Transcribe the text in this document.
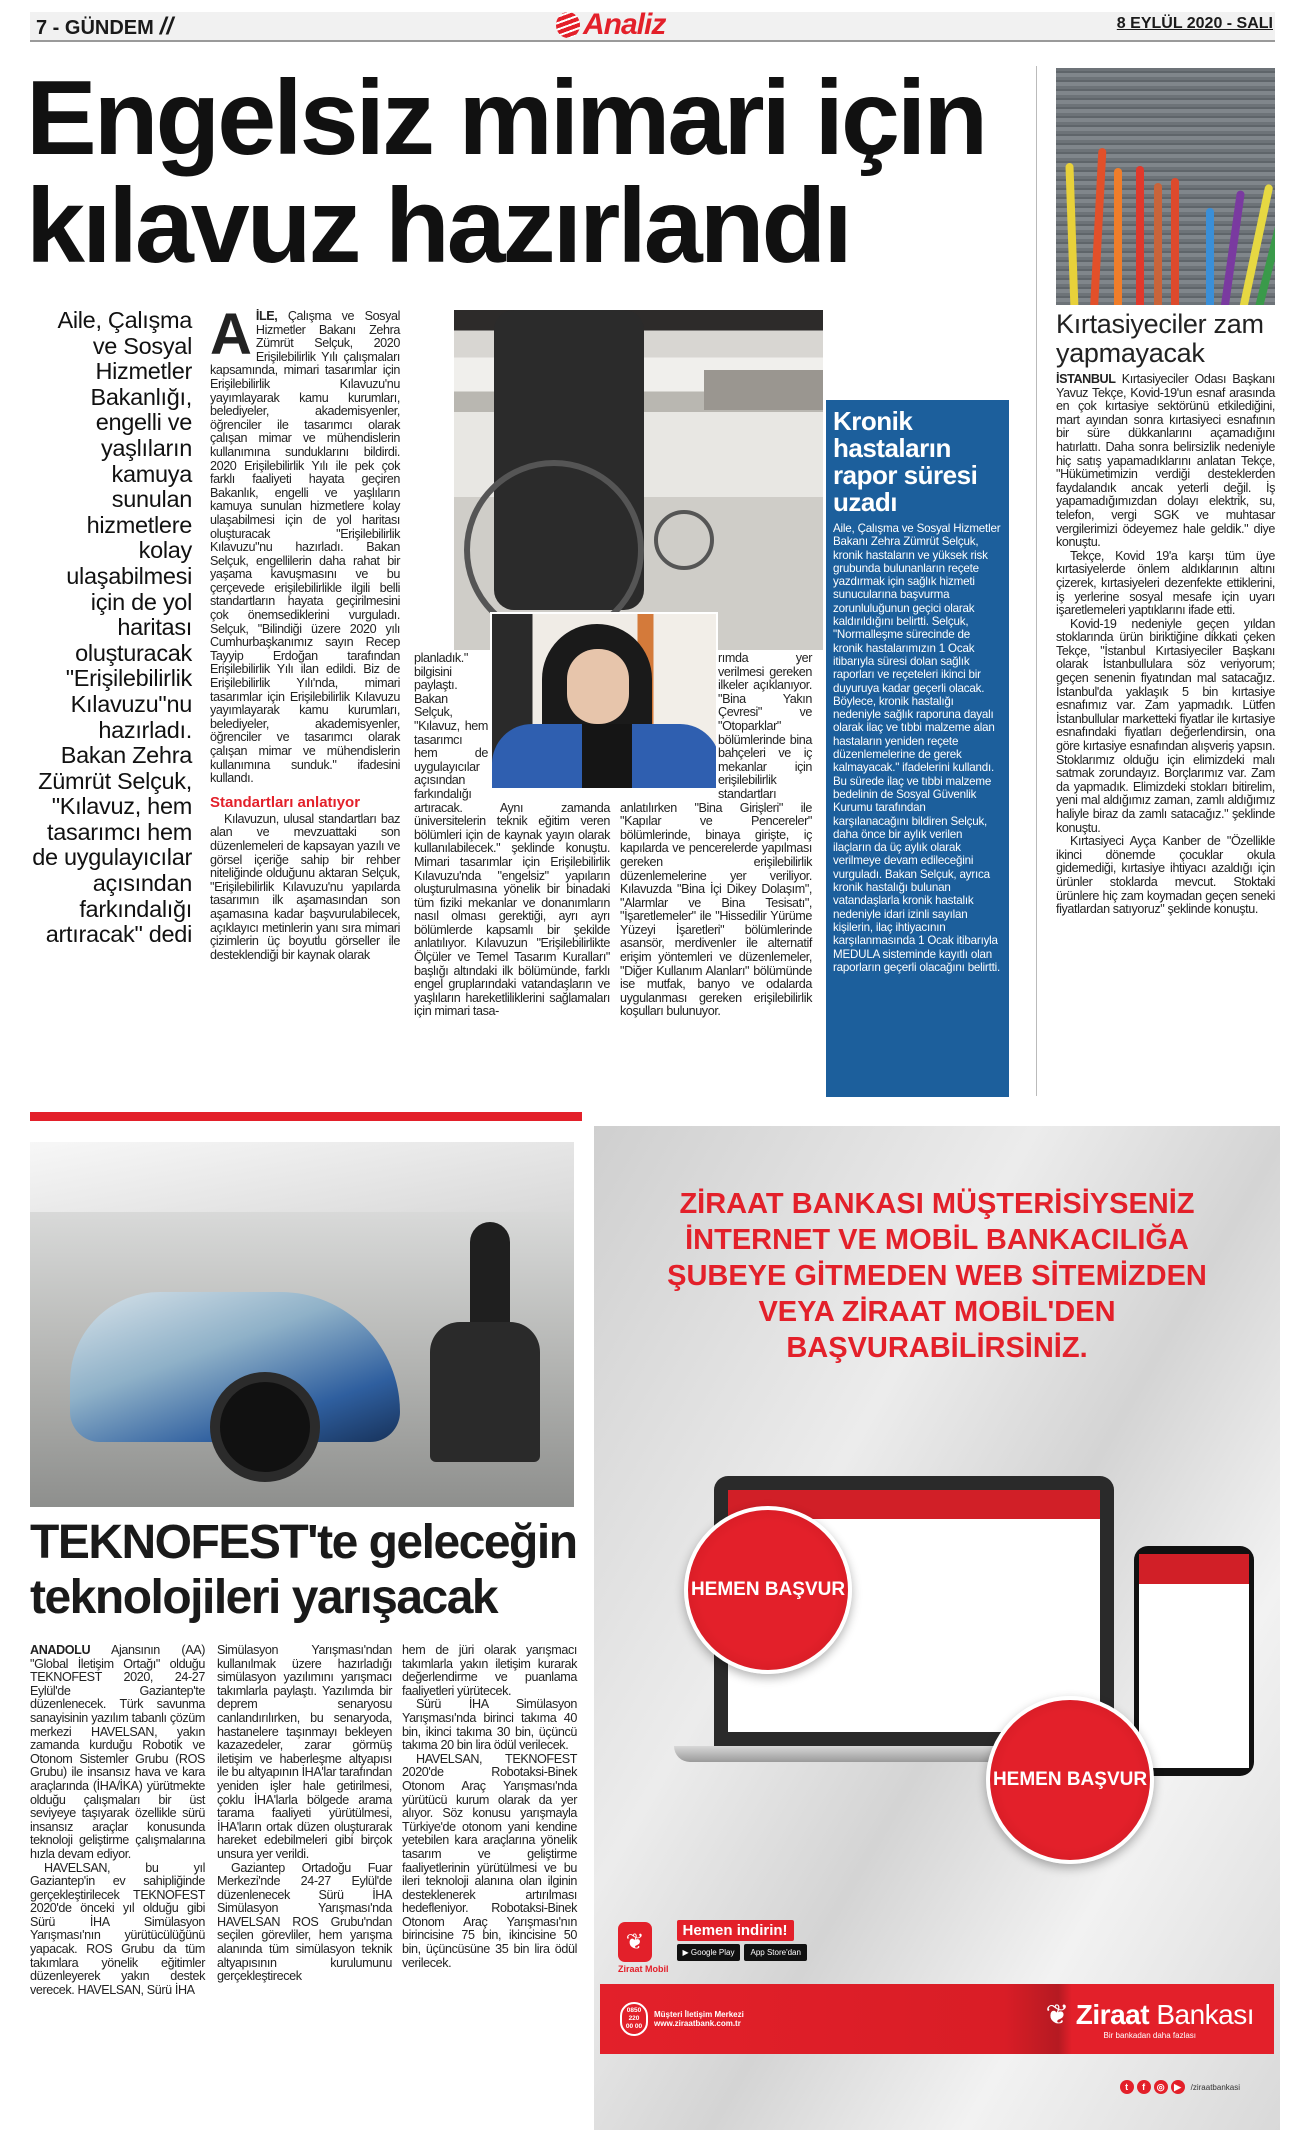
7 - GÜNDEM //	Analiz	8 EYLÜL 2020 - SALI
Engelsiz mimari için
kılavuz hazırlandı
Aile, Çalışma ve Sosyal Hizmetler Bakanlığı, engelli ve yaşlıların kamuya sunulan hizmetlere kolay ulaşabilmesi için de yol haritası oluşturacak "Erişilebilirlik Kılavuzu"nu hazırladı. Bakan Zehra Zümrüt Selçuk, "Kılavuz, hem tasarımcı hem de uygulayıcılar açısından farkındalığı artıracak" dedi

AİLE, Çalışma ve Sosyal Hizmetler Bakanı Zehra Zümrüt Selçuk, 2020 Erişilebilirlik Yılı çalışmaları kapsamında, mimari tasarımlar için Erişilebilirlik Kılavuzu'nu yayımlayarak kamu kurumları, belediyeler, akademisyenler, öğrenciler ile tasarımcı olarak çalışan mimar ve mühendislerin kullanımına sunduklarını bildirdi. 2020 Erişilebilirlik Yılı ile pek çok farklı faaliyeti hayata geçiren Bakanlık, engelli ve yaşlıların kamuya sunulan hizmetlere kolay ulaşabilmesi için de yol haritası oluşturacak "Erişilebilirlik Kılavuzu"nu hazırladı. Bakan Selçuk, engellilerin daha rahat bir yaşama kavuşmasını ve bu çerçevede erişilebilirlikle ilgili belli standartların hayata geçirilmesini çok önemsediklerini vurguladı. Selçuk, "Bilindiği üzere 2020 yılı Cumhurbaşkanımız sayın Recep Tayyip Erdoğan tarafından Erişilebilirlik Yılı ilan edildi. Biz de Erişilebilirlik Yılı'nda, mimari tasarımlar için Erişilebilirlik Kılavuzu yayımlayarak kamu kurumları, belediyeler, akademisyenler, öğrenciler ve tasarımcı olarak çalışan mimar ve mühendislerin kullanımına sunduk." ifadesini kullandı.

Standartları anlatıyor

Kılavuzun, ulusal standartları baz alan ve mevzuattaki son düzenlemeleri de kapsayan yazılı ve görsel içeriğe sahip bir rehber niteliğinde olduğunu aktaran Selçuk, "Erişilebilirlik Kılavuzu'nu yapılarda tasarımın ilk aşamasından son aşamasına kadar başvurulabilecek, açıklayıcı metinlerin yanı sıra mimari çizimlerin üç boyutlu görseller ile desteklendiği bir kaynak olarak

planladık." bilgisini paylaştı. Bakan Selçuk, "Kılavuz, hem tasarımcı hem de uygulayıcılar açısından farkındalığı artıracak. Aynı zamanda üniversitelerin teknik eğitim veren bölümleri için de kaynak yayın olarak kullanılabilecek." şeklinde konuştu. Mimari tasarımlar için Erişilebilirlik Kılavuzu'nda "engelsiz" yapıların oluşturulmasına yönelik bir binadaki tüm fiziki mekanlar ve donanımların nasıl olması gerektiği, ayrı ayrı bölümlerde kapsamlı bir şekilde anlatılıyor. Kılavuzun "Erişilebilirlikte Ölçüler ve Temel Tasarım Kuralları" başlığı altındaki ilk bölümünde, farklı engel gruplarındaki vatandaşların ve yaşlıların hareketliliklerini sağlamaları için mimari tasa-
rımda yer verilmesi gereken ilkeler açıklanıyor. "Bina Yakın Çevresi" ve "Otoparklar" bölümlerinde bina bahçeleri ve iç mekanlar için erişilebilirlik standartları anlatılırken "Bina Girişleri" ile "Kapılar ve Pencereler" bölümlerinde, binaya girişte, iç kapılarda ve pencerelerde yapılması gereken erişilebilirlik düzenlemelerine yer veriliyor. Kılavuzda "Bina İçi Dikey Dolaşım", "Alarmlar ve Bina Tesisatı", "İşaretlemeler" ile "Hissedilir Yürüme Yüzeyi İşaretleri" bölümlerinde asansör, merdivenler ile alternatif erişim yöntemleri ve düzenlemeler, "Diğer Kullanım Alanları" bölümünde ise mutfak, banyo ve odalarda uygulanması gereken erişilebilirlik koşulları bulunuyor.
Kronik hastaların rapor süresi uzadı

Aile, Çalışma ve Sosyal Hizmetler Bakanı Zehra Zümrüt Selçuk, kronik hastaların ve yüksek risk grubunda bulunanların reçete yazdırmak için sağlık hizmeti sunucularına başvurma zorunluluğunun geçici olarak kaldırıldığını belirtti. Selçuk, "Normalleşme sürecinde de kronik hastalarımızın 1 Ocak itibarıyla süresi dolan sağlık raporları ve reçeteleri ikinci bir duyuruya kadar geçerli olacak. Böylece, kronik hastalığı nedeniyle sağlık raporuna dayalı olarak ilaç ve tıbbi malzeme alan hastaların yeniden reçete düzenlemelerine de gerek kalmayacak." ifadelerini kullandı. Bu sürede ilaç ve tıbbi malzeme bedelinin de Sosyal Güvenlik Kurumu tarafından karşılanacağını bildiren Selçuk, daha önce bir aylık verilen ilaçların da üç aylık olarak verilmeye devam edileceğini vurguladı. Bakan Selçuk, ayrıca kronik hastalığı bulunan vatandaşlarla kronik hastalık nedeniyle idari izinli sayılan kişilerin, ilaç ihtiyacının karşılanmasında 1 Ocak itibarıyla MEDULA sisteminde kayıtlı olan raporların geçerli olacağını belirtti.

Kırtasiyeciler zam yapmayacak

İSTANBUL Kırtasiyeciler Odası Başkanı Yavuz Tekçe, Kovid-19'un esnaf arasında en çok kırtasiye sektörünü etkilediğini, mart ayından sonra kırtasiyeci esnafının bir süre dükkanlarını açamadığını hatırlattı. Daha sonra belirsizlik nedeniyle hiç satış yapamadıklarını anlatan Tekçe, "Hükümetimizin verdiği desteklerden faydalandık ancak yeterli değil. İş yapamadığımızdan dolayı elektrik, su, telefon, vergi SGK ve muhtasar vergilerimizi ödeyemez hale geldik." diye konuştu.

Tekçe, Kovid 19'a karşı tüm üye kırtasiyelerde önlem aldıklarının altını çizerek, kırtasiyeleri dezenfekte ettiklerini, iş yerlerine sosyal mesafe için uyarı işaretlemeleri yaptıklarını ifade etti.

Kovid-19 nedeniyle geçen yıldan stoklarında ürün biriktiğine dikkati çeken Tekçe, "İstanbul Kırtasiyeciler Başkanı olarak İstanbullulara söz veriyorum; geçen senenin fiyatından mal satacağız. İstanbul'da yaklaşık 5 bin kırtasiye esnafımız var. Zam yapmadık. Lütfen İstanbullular marketteki fiyatlar ile kırtasiye esnafındaki fiyatları değerlendirsin, ona göre kırtasiye esnafından alışveriş yapsın. Stoklarımız olduğu için elimizdeki malı satmak zorundayız. Borçlarımız var. Zam da yapmadık. Elimizdeki stokları bitirelim, yeni mal aldığımız zaman, zamlı aldığımız haliyle biraz da zamlı satacağız." şeklinde konuştu.

Kırtasiyeci Ayça Kanber de "Özellikle ikinci dönemde çocuklar okula gidemediği, kırtasiye ihtiyacı azaldığı için ürünler stoklarda mevcut. Stoktaki ürünlere hiç zam koymadan geçen seneki fiyatlardan satıyoruz" şeklinde konuştu.

TEKNOFEST'te geleceğin
teknolojileri yarışacak

ANADOLU Ajansının (AA) "Global İletişim Ortağı" olduğu TEKNOFEST 2020, 24-27 Eylül'de Gaziantep'te düzenlenecek. Türk savunma sanayisinin yazılım tabanlı çözüm merkezi HAVELSAN, yakın zamanda kurduğu Robotik ve Otonom Sistemler Grubu (ROS Grubu) ile insansız hava ve kara araçlarında (İHA/İKA) yürütmekte olduğu çalışmaları bir üst seviyeye taşıyarak özellikle sürü insansız araçlar konusunda teknoloji geliştirme çalışmalarına hızla devam ediyor.

HAVELSAN, bu yıl Gaziantep'in ev sahipliğinde gerçekleştirilecek TEKNOFEST 2020'de önceki yıl olduğu gibi Sürü İHA Simülasyon Yarışması'nın yürütücülüğünü yapacak. ROS Grubu da tüm takımlara yönelik eğitimler düzenleyerek yakın destek verecek. HAVELSAN, Sürü İHA

Simülasyon Yarışması'ndan kullanılmak üzere hazırladığı simülasyon yazılımını yarışmacı takımlarla paylaştı. Yazılımda bir deprem senaryosu canlandırılırken, bu senaryoda, hastanelere taşınmayı bekleyen kazazedeler, zarar görmüş iletişim ve haberleşme altyapısı ile bu altyapının İHA'lar tarafından yeniden işler hale getirilmesi, çoklu İHA'larla bölgede arama tarama faaliyeti yürütülmesi, İHA'ların ortak düzen oluşturarak hareket edebilmeleri gibi birçok unsura yer verildi.

Gaziantep Ortadoğu Fuar Merkezi'nde 24-27 Eylül'de düzenlenecek Sürü İHA Simülasyon Yarışması'nda HAVELSAN ROS Grubu'ndan seçilen görevliler, hem yarışma alanında tüm simülasyon teknik altyapısının kurulumunu gerçekleştirecek

hem de jüri olarak yarışmacı takımlarla yakın iletişim kurarak değerlendirme ve puanlama faaliyetleri yürütecek.

Sürü İHA Simülasyon Yarışması'nda birinci takıma 40 bin, ikinci takıma 30 bin, üçüncü takıma 20 bin lira ödül verilecek.

HAVELSAN, TEKNOFEST 2020'de Robotaksi-Binek Otonom Araç Yarışması'nda yürütücü kurum olarak da yer alıyor. Söz konusu yarışmayla Türkiye'de otonom yani kendine yetebilen kara araçlarına yönelik tasarım ve geliştirme faaliyetlerinin yürütülmesi ve bu ileri teknoloji alanına olan ilginin desteklenerek artırılması hedefleniyor. Robotaksi-Binek Otonom Araç Yarışması'nın birincisine 75 bin, ikincisine 50 bin, üçüncüsüne 35 bin lira ödül verilecek.

ZİRAAT BANKASI MÜŞTERİSİYSENİZ
İNTERNET VE MOBİL BANKACILIĞA
ŞUBEYE GİTMEDEN WEB SİTEMİZDEN
VEYA ZİRAAT MOBİL'DEN
BAŞVURABİLİRSİNİZ.
HEMEN BAŞVUR
HEMEN BAŞVUR
❦
Ziraat Mobil
Hemen indirin!
▶ Google Play App Store'dan
0850
220
00 00
Müşteri İletişim Merkezi
www.ziraatbank.com.tr	❦ Ziraat Bankası
Bir bankadan daha fazlası
t	f	◎	▶	/ziraatbankasi
